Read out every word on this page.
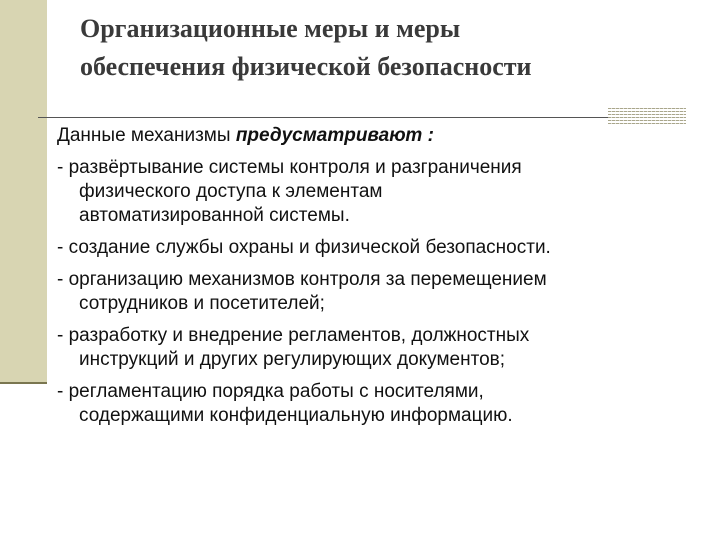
Организационные меры и меры
обеспечения физической безопасности

Данные механизмы предусматривают :

- развёртывание системы контроля и разграничения
физического доступа к элементам
автоматизированной системы.
- создание службы охраны и физической безопасности.
- организацию механизмов контроля за перемещением
сотрудников и посетителей;
- разработку и внедрение регламентов, должностных
инструкций и других регулирующих документов;
- регламентацию порядка работы с носителями,
содержащими конфиденциальную информацию.
